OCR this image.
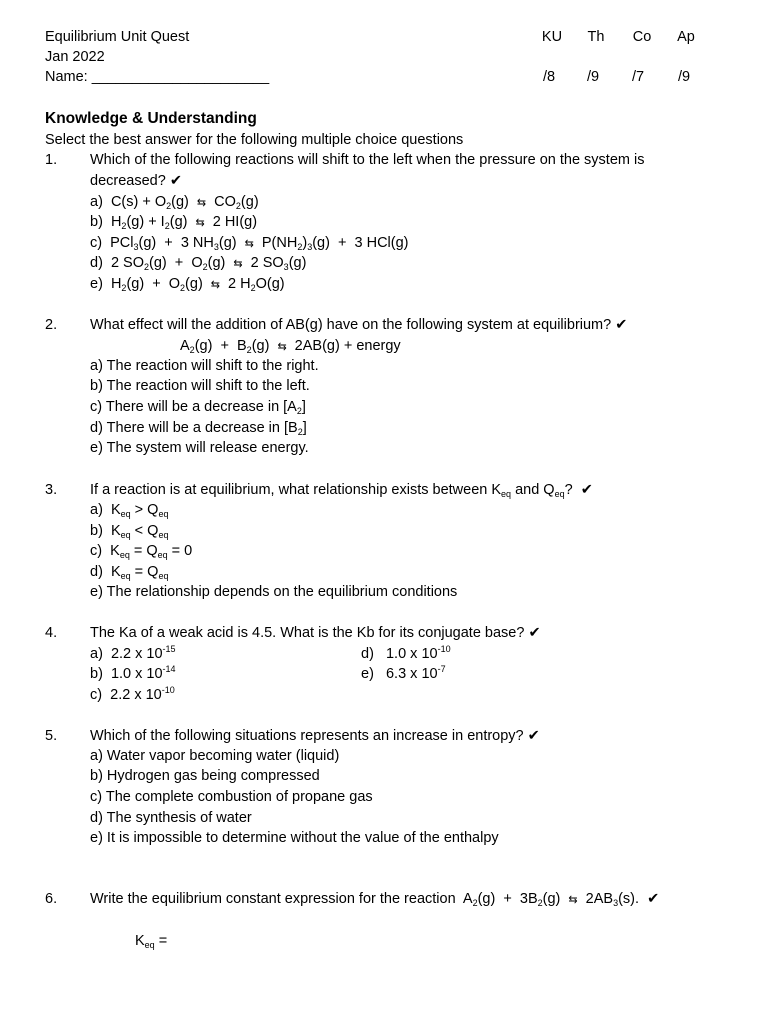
Equilibrium Unit Quest
Jan 2022
Name: ______________________
KU	Th	Co	Ap
/8	/9	/7	/9
Knowledge & Understanding
Select the best answer for the following multiple choice questions
1. Which of the following reactions will shift to the left when the pressure on the system is
decreased? ✔
a)  $C(s) + O_2(g)$ ⇆ $CO_2(g)$
b)  $H_2(g) + I_2(g)$ ⇆ 2 HI(g)
c)  PCl$_3$(g)  +  3 $NH_3(g)$ ⇆ $P(NH_2)_3(g) + 3$ HCl(g)
d)  2 $SO_2(g) + O_2(g)$ ⇆ 2 $SO_3(g)$
e)  $H_2(g) + O_2(g)$ ⇆ 2 $H_2O(g)$
2. What effect will the addition of AB(g) have on the following system at equilibrium? ✔
$A_2(g) + B_2(g)$ ⇆ 2AB(g) + energy
a) The reaction will shift to the right.
b) The reaction will shift to the left.
c) There will be a decrease in $[A_2]$
d) There will be a decrease in $[B_2]$
e) The system will release energy.
3. If a reaction is at equilibrium, what relationship exists between $K_{eq}$ and $Q_{eq}$?  ✔
a)  $K_{eq} > Q_{eq}$
b)  $K_{eq} < Q_{eq}$
c)  $K_{eq} = Q_{eq} = 0$
d)  $K_{eq} = Q_{eq}$
e) The relationship depends on the equilibrium conditions
4. The Ka of a weak acid is 4.5. What is the Kb for its conjugate base? ✔
a)  2.2 x $10^{-15}$
b)  1.0 x $10^{-14}$
c)  2.2 x $10^{-10}$
d)   1.0 x $10^{-10}$
e)   6.3 x $10^{-7}$
5. Which of the following situations represents an increase in entropy? ✔
a) Water vapor becoming water (liquid)
b) Hydrogen gas being compressed
c) The complete combustion of propane gas
d) The synthesis of water
e) It is impossible to determine without the value of the enthalpy
6. Write the equilibrium constant expression for the reaction  $A_2(g) + 3B_2(g)$ ⇆ $2AB_3(s)$.  ✔
$K_{eq}$ =
